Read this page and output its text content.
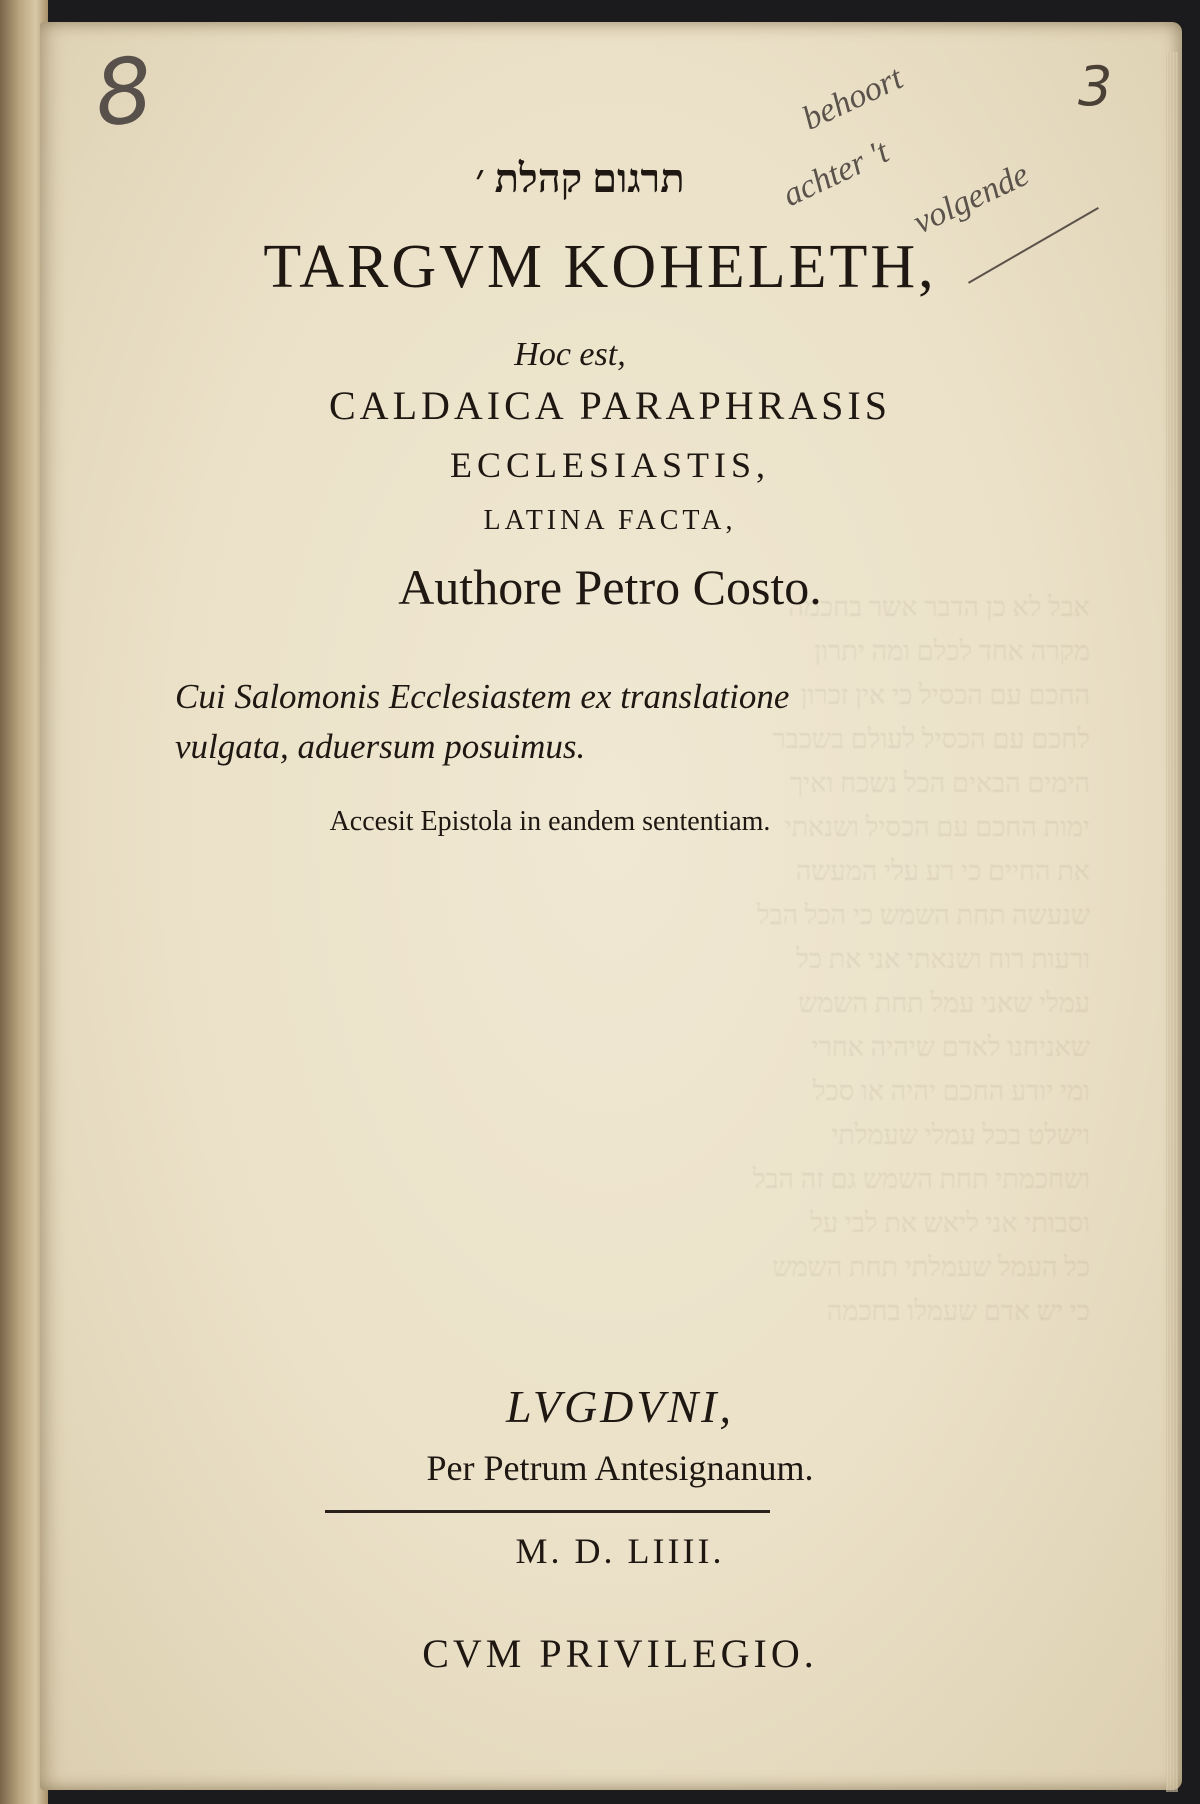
‎אבל לא כן הדבר אשר בחכמה
מקרה אחד לכלם ומה יתרון
החכם עם הכסיל כי אין זכרון
לחכם עם הכסיל לעולם בשכבר
הימים הבאים הכל נשכח ואיך
ימות החכם עם הכסיל ושנאתי
את החיים כי רע עלי המעשה
שנעשה תחת השמש כי הכל הבל
ורעות רוח ושנאתי אני את כל
עמלי שאני עמל תחת השמש
שאניחנו לאדם שיהיה אחרי
ומי יודע החכם יהיה או סכל
וישלט בכל עמלי שעמלתי
ושחכמתי תחת השמש גם זה הבל
וסבותי אני ליאש את לבי על
כל העמל שעמלתי תחת השמש
כי יש אדם שעמלו בחכמה
8	3
behoort
achter 't volgende
תרגום קהלת ׳
TARGVM KOHELETH,
Hoc est,
CALDAICA PARAPHRASIS
ECCLESIASTIS,
LATINA FACTA,
Authore Petro Costo.
Cui Salomonis Ecclesiastem ex translatione

vulgata, aduersum posuimus.
Accesit Epistola in eandem sententiam.
LVGDVNI,
Per Petrum Antesignanum.
M. D. LIIII.
CVM PRIVILEGIO.
